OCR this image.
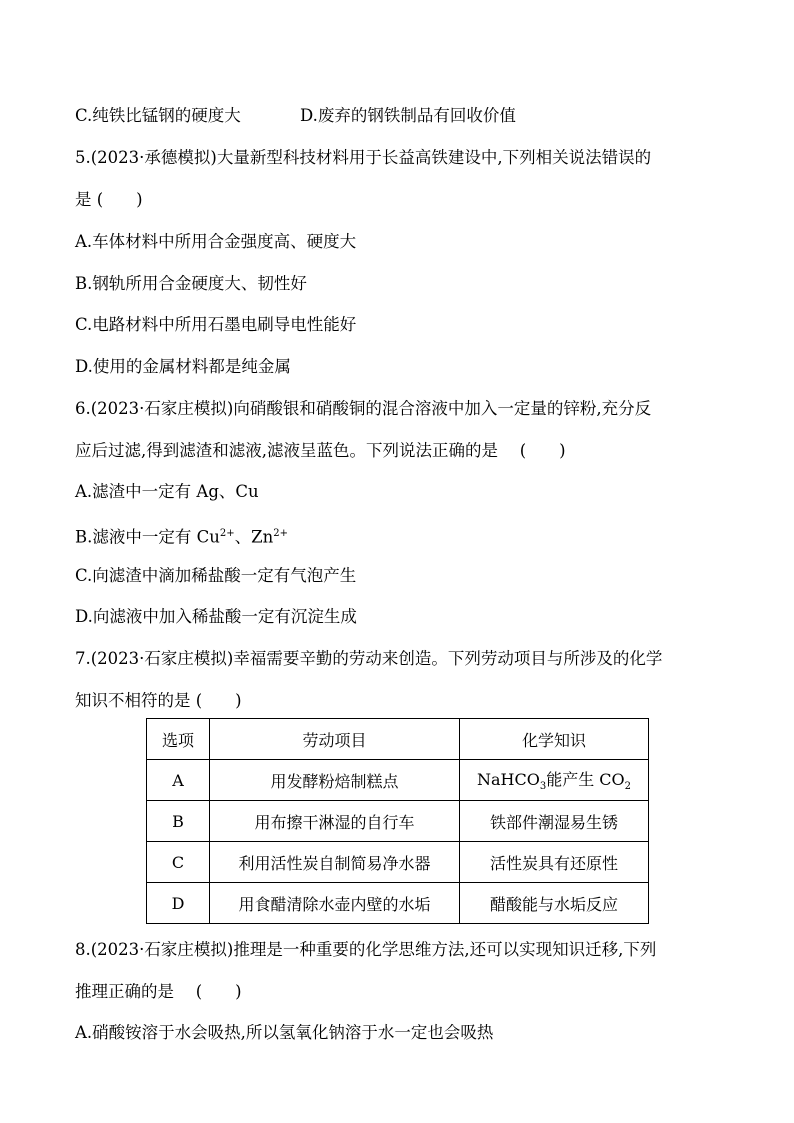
C.纯铁比锰钢的硬度大	D.废弃的钢铁制品有回收价值
5.(2023·承德模拟)大量新型科技材料用于长益高铁建设中,下列相关说法错误的
是 (　　)
A.车体材料中所用合金强度高、硬度大
B.钢轨所用合金硬度大、韧性好
C.电路材料中所用石墨电刷导电性能好
D.使用的金属材料都是纯金属
6.(2023·石家庄模拟)向硝酸银和硝酸铜的混合溶液中加入一定量的锌粉,充分反
应后过滤,得到滤渣和滤液,滤液呈蓝色。下列说法正确的是　 (　　)
A.滤渣中一定有 Ag、Cu
B.滤液中一定有 $Cu^{2+}$、$Zn^{2+}$
C.向滤渣中滴加稀盐酸一定有气泡产生
D.向滤液中加入稀盐酸一定有沉淀生成
7.(2023·石家庄模拟)幸福需要辛勤的劳动来创造。下列劳动项目与所涉及的化学
知识不相符的是 (　　)
选项	劳动项目	化学知识
A	用发酵粉焙制糕点	NaHCO$_3$能产生 $CO_2$
B	用布擦干淋湿的自行车	铁部件潮湿易生锈
C	利用活性炭自制简易净水器	活性炭具有还原性
D	用食醋清除水壶内壁的水垢	醋酸能与水垢反应
8.(2023·石家庄模拟)推理是一种重要的化学思维方法,还可以实现知识迁移,下列
推理正确的是　 (　　)
A.硝酸铵溶于水会吸热,所以氢氧化钠溶于水一定也会吸热
